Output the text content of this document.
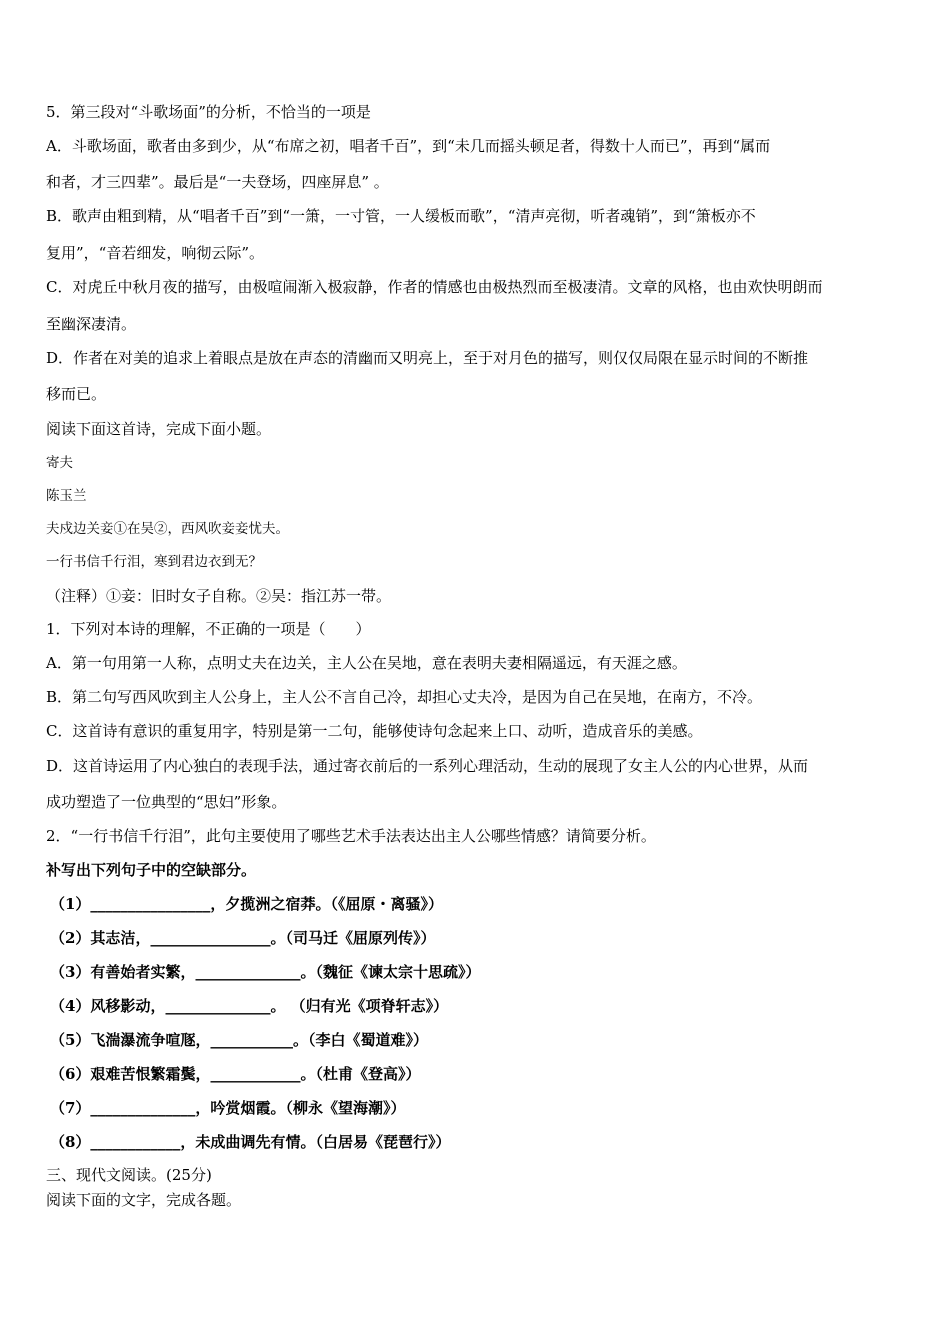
5．第三段对“斗歌场面”的分析，不恰当的一项是
A．斗歌场面，歌者由多到少，从“布席之初，唱者千百”，到“未几而摇头顿足者，得数十人而已”，再到“属而
和者，才三四辈”。最后是“一夫登场，四座屏息” 。
B．歌声由粗到精，从“唱者千百”到“一箫，一寸管，一人缓板而歌”，“清声亮彻，听者魂销”，到“箫板亦不
复用”，“音若细发，响彻云际”。
C．对虎丘中秋月夜的描写，由极喧闹渐入极寂静，作者的情感也由极热烈而至极凄清。文章的风格，也由欢快明朗而
至幽深凄清。
D．作者在对美的追求上着眼点是放在声态的清幽而又明亮上，至于对月色的描写，则仅仅局限在显示时间的不断推
移而已。
阅读下面这首诗，完成下面小题。
寄夫
陈玉兰
夫戍边关妾①在吴②，西风吹妾妾忧夫。
一行书信千行泪，寒到君边衣到无？
（注释）①妾：旧时女子自称。②吴：指江苏一带。
1．下列对本诗的理解，不正确的一项是（　　）
A．第一句用第一人称，点明丈夫在边关，主人公在吴地，意在表明夫妻相隔遥远，有天涯之感。
B．第二句写西风吹到主人公身上，主人公不言自己冷，却担心丈夫冷，是因为自己在吴地，在南方，不冷。
C．这首诗有意识的重复用字，特别是第一二句，能够使诗句念起来上口、动听，造成音乐的美感。
D．这首诗运用了内心独白的表现手法，通过寄衣前后的一系列心理活动，生动的展现了女主人公的内心世界，从而
成功塑造了一位典型的“思妇”形象。
2．“一行书信千行泪”，此句主要使用了哪些艺术手法表达出主人公哪些情感？请简要分析。
补写出下列句子中的空缺部分。
（1）________________，夕揽洲之宿莽。（《屈原・离骚》）
（2）其志洁，________________。（司马迁《屈原列传》）
（3）有善始者实繁，______________。（魏征《谏太宗十思疏》）
（4）风移影动，______________。 （归有光《项脊轩志》）
（5）飞湍瀑流争喧豗，___________。（李白《蜀道难》）
（6）艰难苦恨繁霜鬓，____________。（杜甫《登高》）
（7）______________，吟赏烟霞。（柳永《望海潮》）
（8）____________，未成曲调先有情。（白居易《琵琶行》）
三、现代文阅读。(25分)
阅读下面的文字，完成各题。
